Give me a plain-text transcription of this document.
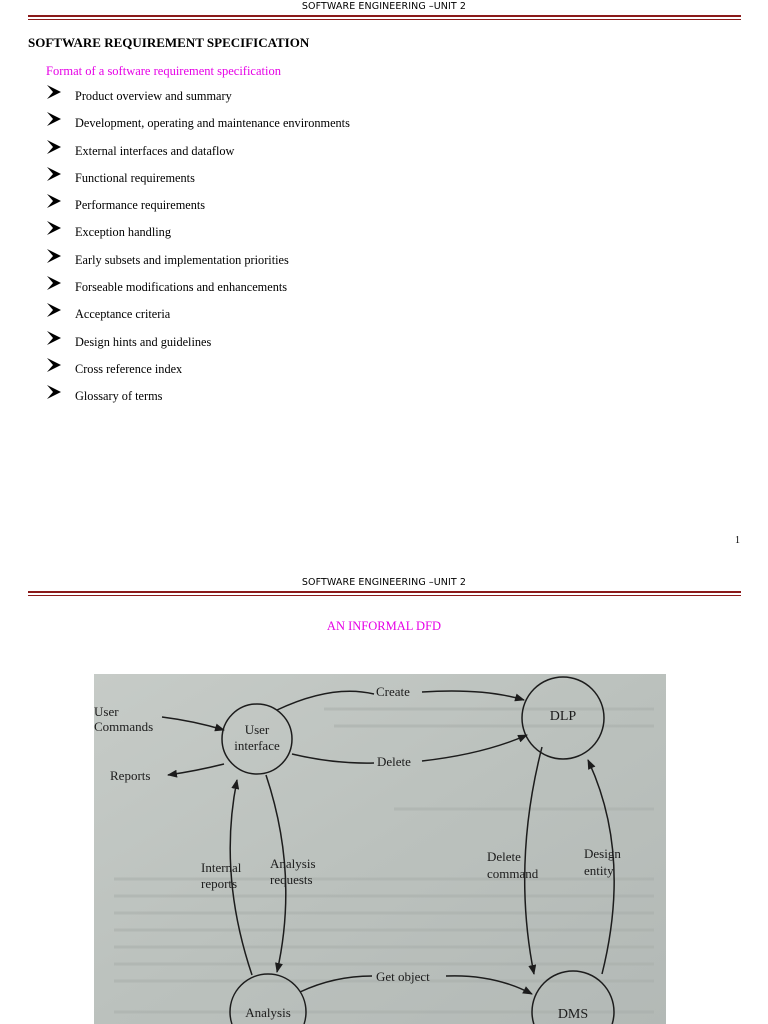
SOFTWARE ENGINEERING –UNIT 2
SOFTWARE REQUIREMENT SPECIFICATION
Format of a software requirement specification
Product overview and summary
Development, operating and maintenance environments
External interfaces and dataflow
Functional requirements
Performance requirements
Exception handling
Early subsets and implementation priorities
Forseable modifications and enhancements
Acceptance criteria
Design hints and guidelines
Cross reference index
Glossary of terms
1
SOFTWARE ENGINEERING –UNIT 2
AN INFORMAL DFD
User Commands
Reports
Create
Delete
Internal reports
Analysis requests
Delete command
Design entity
Get object
User interface
DLP
Analysis	DMS
